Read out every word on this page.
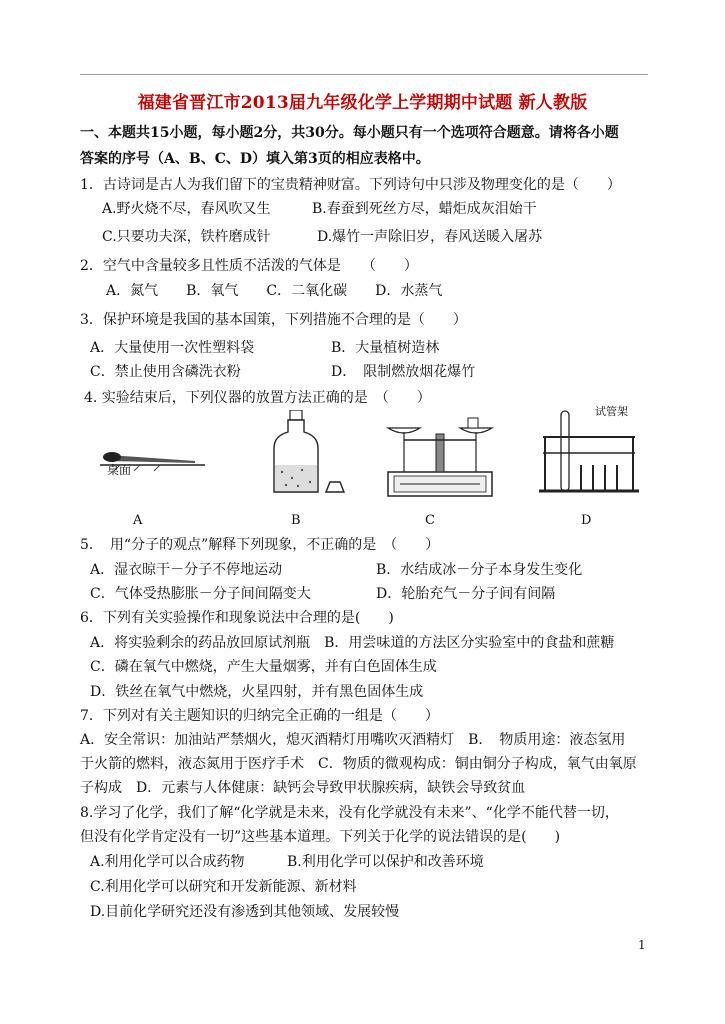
福建省晋江市2013届九年级化学上学期期中试题 新人教版
一、本题共15小题，每小题2分，共30分。每小题只有一个选项符合题意。请将各小题
答案的序号（A、B、C、D）填入第3页的相应表格中。
1．古诗词是古人为我们留下的宝贵精神财富。下列诗句中只涉及物理变化的是（　　）
A.野火烧不尽，春风吹又生	B.春蚕到死丝方尽，蜡炬成灰泪始干
C.只要功夫深，铁杵磨成针	D.爆竹一声除旧岁，春风送暖入屠苏
2．空气中含量较多且性质不活泼的气体是　　（　　）
A．氮气　　B．氧气　　C．二氧化碳　　D．水蒸气
3．保护环境是我国的基本国策，下列措施不合理的是（　　）
A．大量使用一次性塑料袋	B．大量植树造林
C．禁止使用含磷洗衣粉	D．　限制燃放烟花爆竹
4. 实验结束后，下列仪器的放置方法正确的是　（　　）
桌面
试管架
A	B	C	D
5．　用“分子的观点”解释下列现象，不正确的是　（　　）
A．湿衣晾干－分子不停地运动	B．水结成冰－分子本身发生变化
C．气体受热膨胀－分子间间隔变大	D．轮胎充气－分子间有间隔
6．下列有关实验操作和现象说法中合理的是(　　)
A．将实验剩余的药品放回原试剂瓶　B．用尝味道的方法区分实验室中的食盐和蔗糖
C．磷在氧气中燃烧，产生大量烟雾，并有白色固体生成
D．铁丝在氧气中燃烧，火星四射，并有黑色固体生成
7．下列对有关主题知识的归纳完全正确的一组是（　　）
A．安全常识：加油站严禁烟火，熄灭酒精灯用嘴吹灭酒精灯　B．　物质用途：液态氢用
于火箭的燃料，液态氮用于医疗手术　C．物质的微观构成：铜由铜分子构成，氧气由氧原
子构成　D．元素与人体健康：缺钙会导致甲状腺疾病，缺铁会导致贫血
8.学习了化学，我们了解“化学就是未来，没有化学就没有未来”、“化学不能代替一切，
但没有化学肯定没有一切”这些基本道理。下列关于化学的说法错误的是(　　)
A.利用化学可以合成药物	B.利用化学可以保护和改善环境
C.利用化学可以研究和开发新能源、新材料
D.目前化学研究还没有渗透到其他领域、发展较慢
1
